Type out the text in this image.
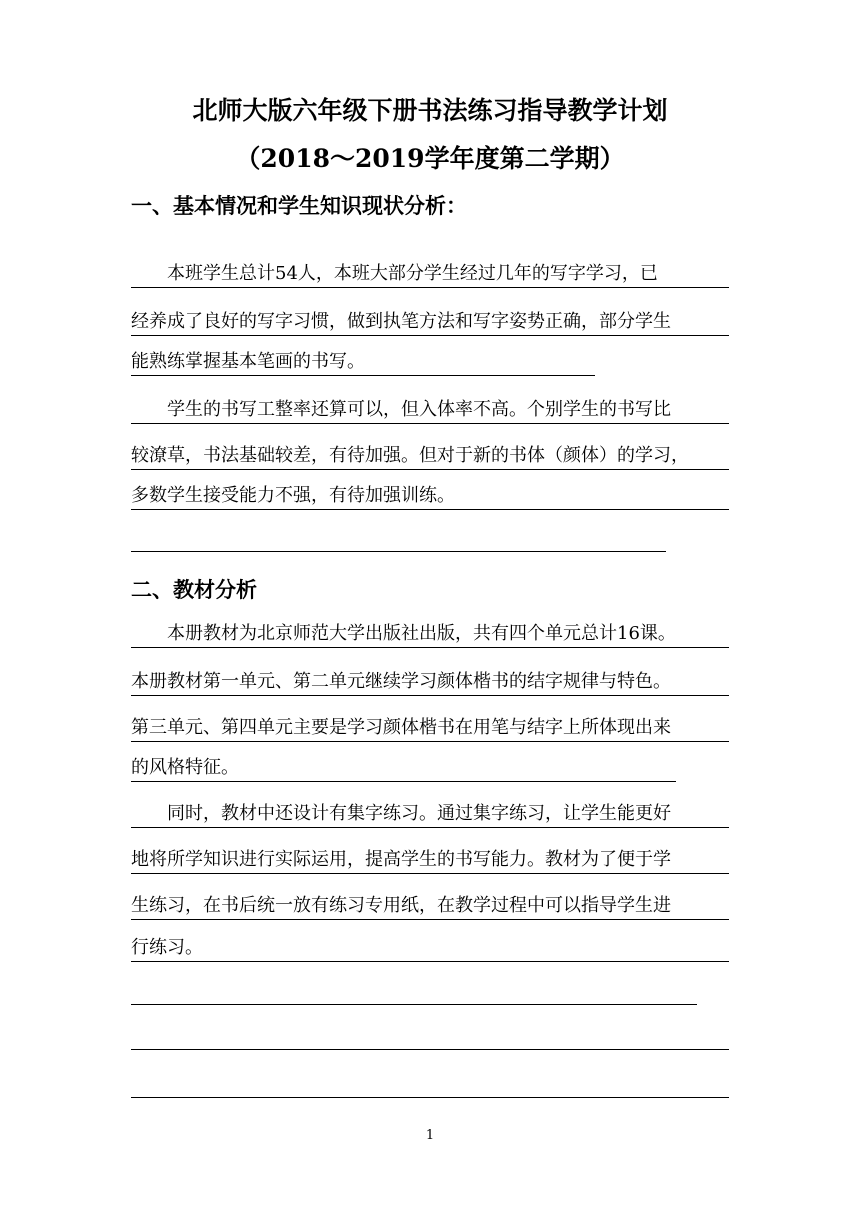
北师大版六年级下册书法练习指导教学计划
（2018～2019学年度第二学期）
一、基本情况和学生知识现状分析：
　　本班学生总计54人，本班大部分学生经过几年的写字学习，已
经养成了良好的写字习惯，做到执笔方法和写字姿势正确，部分学生
能熟练掌握基本笔画的书写。
　　学生的书写工整率还算可以，但入体率不高。个别学生的书写比
较潦草，书法基础较差，有待加强。但对于新的书体（颜体）的学习，
多数学生接受能力不强，有待加强训练。
二、教材分析
　　本册教材为北京师范大学出版社出版，共有四个单元总计16课。
本册教材第一单元、第二单元继续学习颜体楷书的结字规律与特色。
第三单元、第四单元主要是学习颜体楷书在用笔与结字上所体现出来
的风格特征。
　　同时，教材中还设计有集字练习。通过集字练习，让学生能更好
地将所学知识进行实际运用，提高学生的书写能力。教材为了便于学
生练习，在书后统一放有练习专用纸，在教学过程中可以指导学生进
行练习。
1
